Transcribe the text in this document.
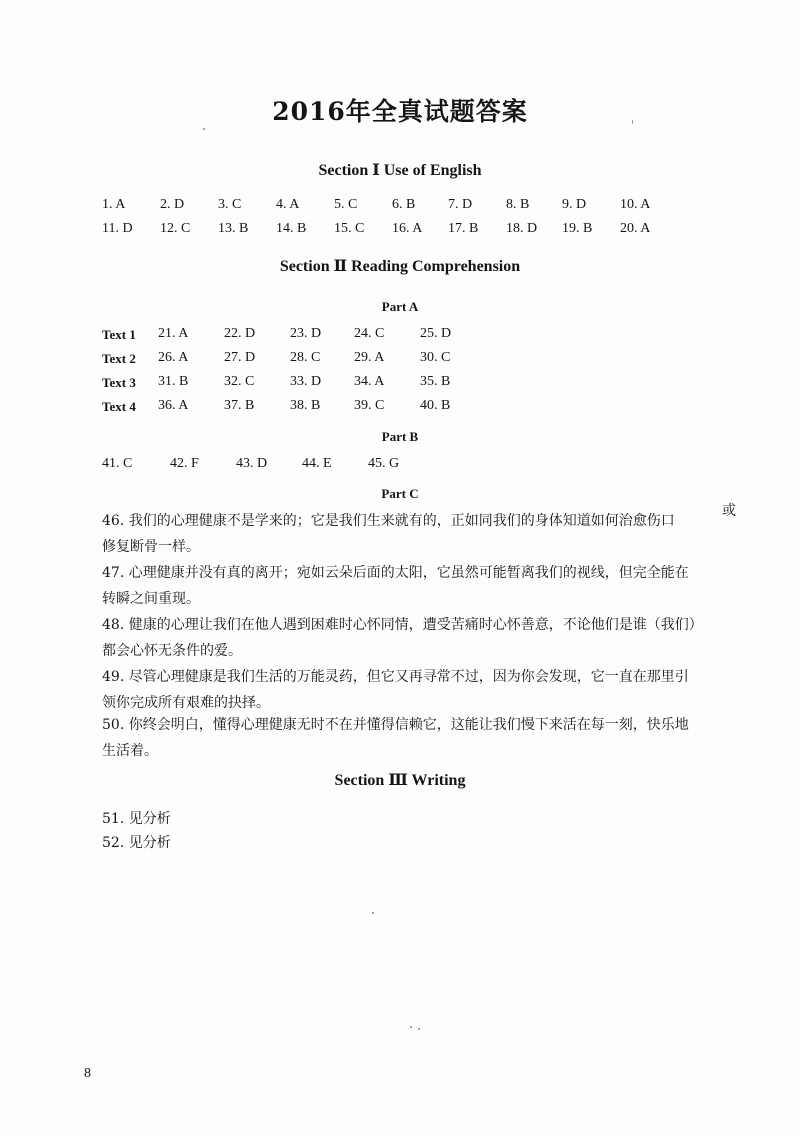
2016年全真试题答案
Section Ⅰ Use of English
1. A 2. D 3. C 4. A 5. C 6. B 7. D 8. B 9. D 10. A
11. D 12. C 13. B 14. B 15. C 16. A 17. B 18. D 19. B 20. A
Section Ⅱ Reading Comprehension
Part A
Text 1 21. A	22. D 23. D 24. C	25. D
Text 2 26. A	27. D 28. C 29. A	30. C
Text 3 31. B	32. C	33. D 34. A	35. B
Text 4 36. A	37. B	38. B 39. C	40. B
Part B
41. C	42. F	43. D 44. E	45. G
Part C
或
46. 我们的心理健康不是学来的；它是我们生来就有的，正如同我们的身体知道如何治愈伤口
修复断骨一样。
47. 心理健康并没有真的离开；宛如云朵后面的太阳，它虽然可能暂离我们的视线，但完全能在
转瞬之间重现。
48. 健康的心理让我们在他人遇到困难时心怀同情，遭受苦痛时心怀善意，不论他们是谁（我们）
都会心怀无条件的爱。
49. 尽管心理健康是我们生活的万能灵药，但它又再寻常不过，因为你会发现，它一直在那里引
领你完成所有艰难的抉择。
50. 你终会明白，懂得心理健康无时不在并懂得信赖它，这能让我们慢下来活在每一刻，快乐地
生活着。
Section Ⅲ Writing
51. 见分析
52. 见分析
8
